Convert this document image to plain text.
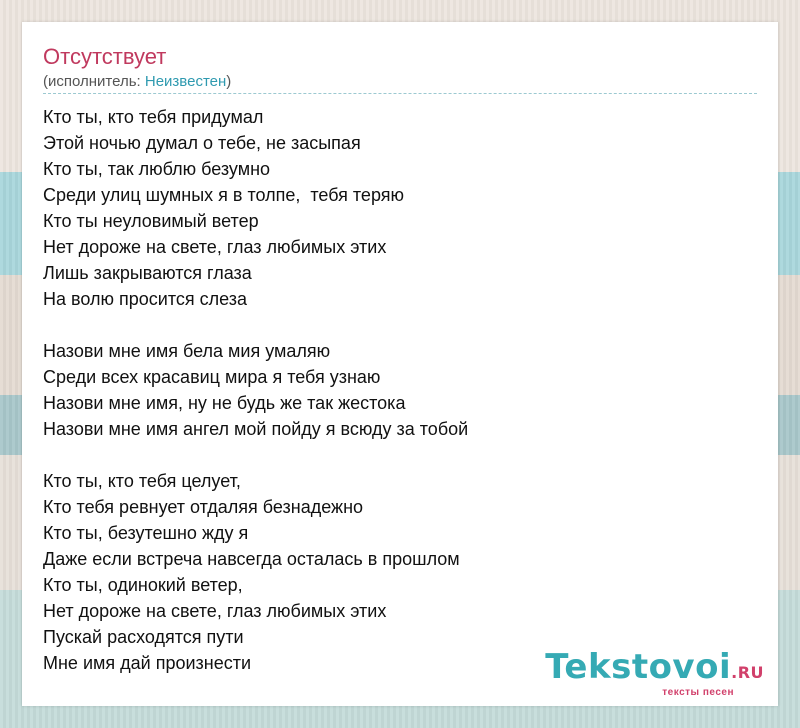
Отсутствует
(исполнитель: Неизвестен)
Кто ты, кто тебя придумал
Этой ночью думал о тебе, не засыпая
Кто ты, так люблю безумно
Среди улиц шумных я в толпе,  тебя теряю
Кто ты неуловимый ветер
Нет дороже на свете, глаз любимых этих
Лишь закрываются глаза
На волю просится слеза
Назови мне имя бела мия умаляю
Среди всех красавиц мира я тебя узнаю
Назови мне имя, ну не будь же так жестока
Назови мне имя ангел мой пойду я всюду за тобой
Кто ты, кто тебя целует,
Кто тебя ревнует отдаляя безнадежно
Кто ты, безутешно жду я
Даже если встреча навсегда осталась в прошлом
Кто ты, одинокий ветер,
Нет дороже на свете, глаз любимых этих
Пускай расходятся пути
Мне имя дай произнести	Tekstovoi.RU
тексты песен
